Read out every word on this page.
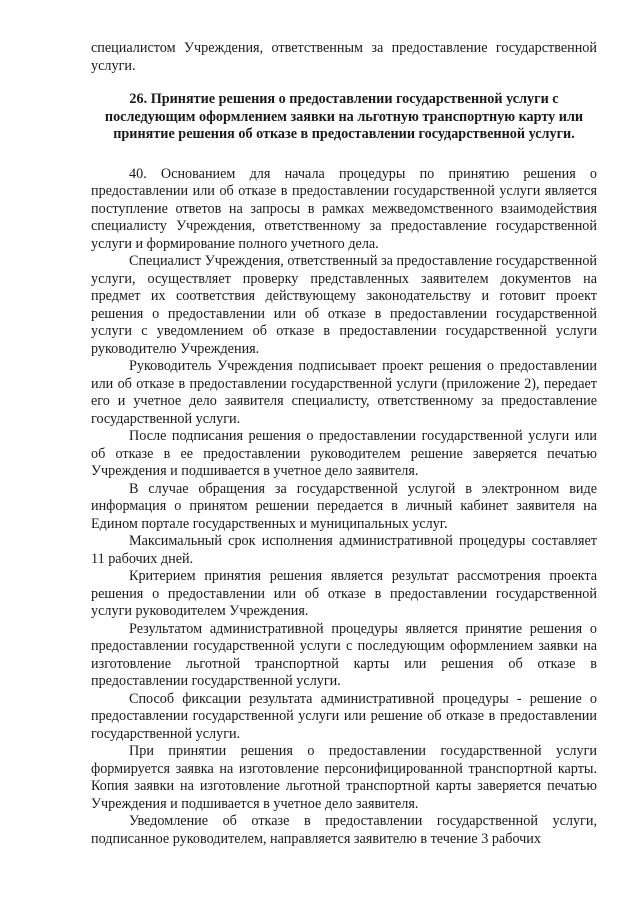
специалистом Учреждения, ответственным за предоставление государственной услуги.

26. Принятие решения о предоставлении государственной услуги с последующим оформлением заявки на льготную транспортную карту или принятие решения об отказе в предоставлении государственной услуги.

40. Основанием для начала процедуры по принятию решения о предоставлении или об отказе в предоставлении государственной услуги является поступление ответов на запросы в рамках межведомственного взаимодействия специалисту Учреждения, ответственному за предоставление государственной услуги и формирование полного учетного дела.

Специалист Учреждения, ответственный за предоставление государственной услуги, осуществляет проверку представленных заявителем документов на предмет их соответствия действующему законодательству и готовит проект решения о предоставлении или об отказе в предоставлении государственной услуги с уведомлением об отказе в предоставлении государственной услуги руководителю Учреждения.

Руководитель Учреждения подписывает проект решения о предоставлении или об отказе в предоставлении государственной услуги (приложение 2), передает его и учетное дело заявителя специалисту, ответственному за предоставление государственной услуги.

После подписания решения о предоставлении государственной услуги или об отказе в ее предоставлении руководителем решение заверяется печатью Учреждения и подшивается в учетное дело заявителя.

В случае обращения за государственной услугой в электронном виде информация о принятом решении передается в личный кабинет заявителя на Едином портале государственных и муниципальных услуг.

Максимальный срок исполнения административной процедуры составляет 11 рабочих дней.

Критерием принятия решения является результат рассмотрения проекта решения о предоставлении или об отказе в предоставлении государственной услуги руководителем Учреждения.

Результатом административной процедуры является принятие решения о предоставлении государственной услуги с последующим оформлением заявки на изготовление льготной транспортной карты или решения об отказе в предоставлении государственной услуги.

Способ фиксации результата административной процедуры - решение о предоставлении государственной услуги или решение об отказе в предоставлении государственной услуги.

При принятии решения о предоставлении государственной услуги формируется заявка на изготовление персонифицированной транспортной карты. Копия заявки на изготовление льготной транспортной карты заверяется печатью Учреждения и подшивается в учетное дело заявителя.

Уведомление об отказе в предоставлении государственной услуги, подписанное руководителем, направляется заявителю в течение 3 рабочих
